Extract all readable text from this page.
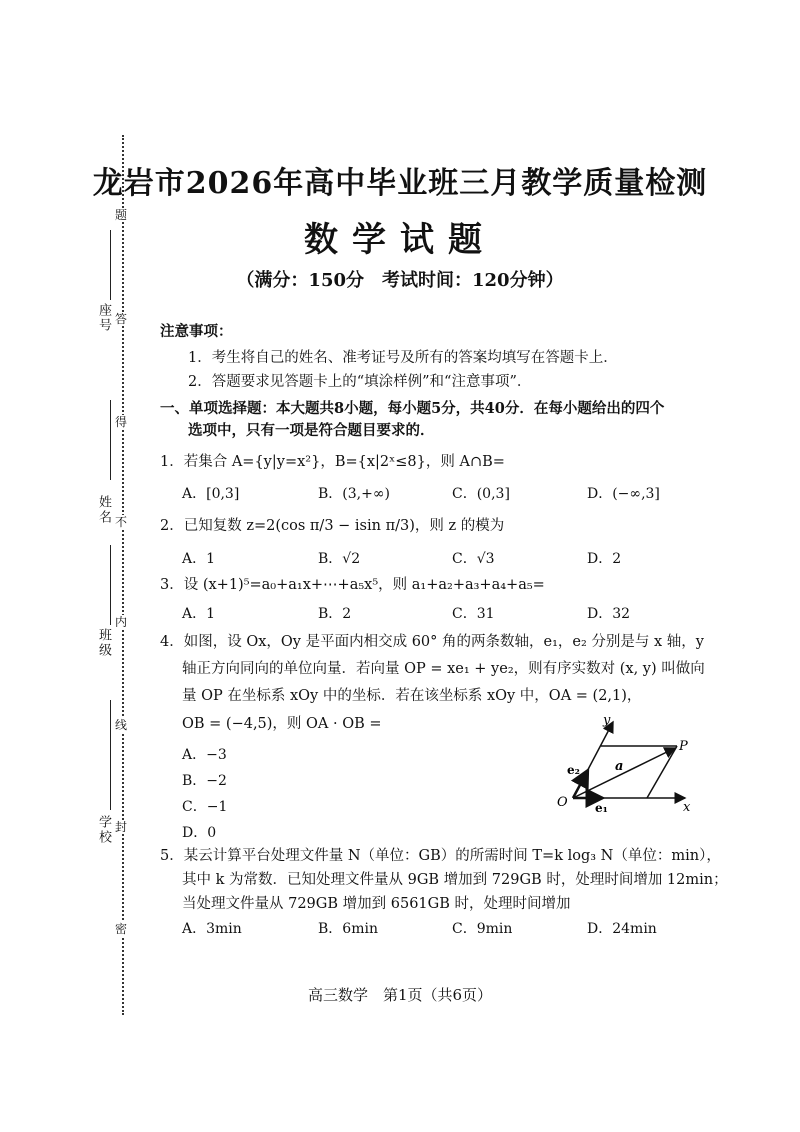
座号
姓名
班级
学校
题
答
得
不
内
线
封
密
龙岩市2026年高中毕业班三月教学质量检测
数学试题
（满分：150分　考试时间：120分钟）
注意事项：
1．考生将自己的姓名、准考证号及所有的答案均填写在答题卡上．
2．答题要求见答题卡上的“填涂样例”和“注意事项”．
一、单项选择题：本大题共8小题，每小题5分，共40分．在每小题给出的四个
选项中，只有一项是符合题目要求的．
1．若集合 A={y|y=x²}，B={x|2ˣ≤8}，则 A∩B=
A．[0,3]	B．(3,+∞)	C．(0,3]	D．(−∞,3]
2．已知复数 z=2(cos π/3 − isin π/3)，则 z 的模为
A．1	B．√2	C．√3	D．2
3．设 (x+1)⁵=a₀+a₁x+⋯+a₅x⁵，则 a₁+a₂+a₃+a₄+a₅=
A．1	B．2	C．31	D．32
4．如图，设 Ox，Oy 是平面内相交成 60° 角的两条数轴，e₁，e₂ 分别是与 x 轴，y
轴正方向同向的单位向量．若向量 OP = xe₁ + ye₂，则有序实数对 (x, y) 叫做向
量 OP 在坐标系 xOy 中的坐标．若在该坐标系 xOy 中，OA = (2,1)，
OB = (−4,5)，则 OA · OB =
A．−3
B．−2
C．−1
D．0
y
x
O
P
a
e₁
e₂
5．某云计算平台处理文件量 N（单位：GB）的所需时间 T=k log₃ N（单位：min），
其中 k 为常数．已知处理文件量从 9GB 增加到 729GB 时，处理时间增加 12min；
当处理文件量从 729GB 增加到 6561GB 时，处理时间增加
A．3min	B．6min	C．9min	D．24min
高三数学　第1页（共6页）
